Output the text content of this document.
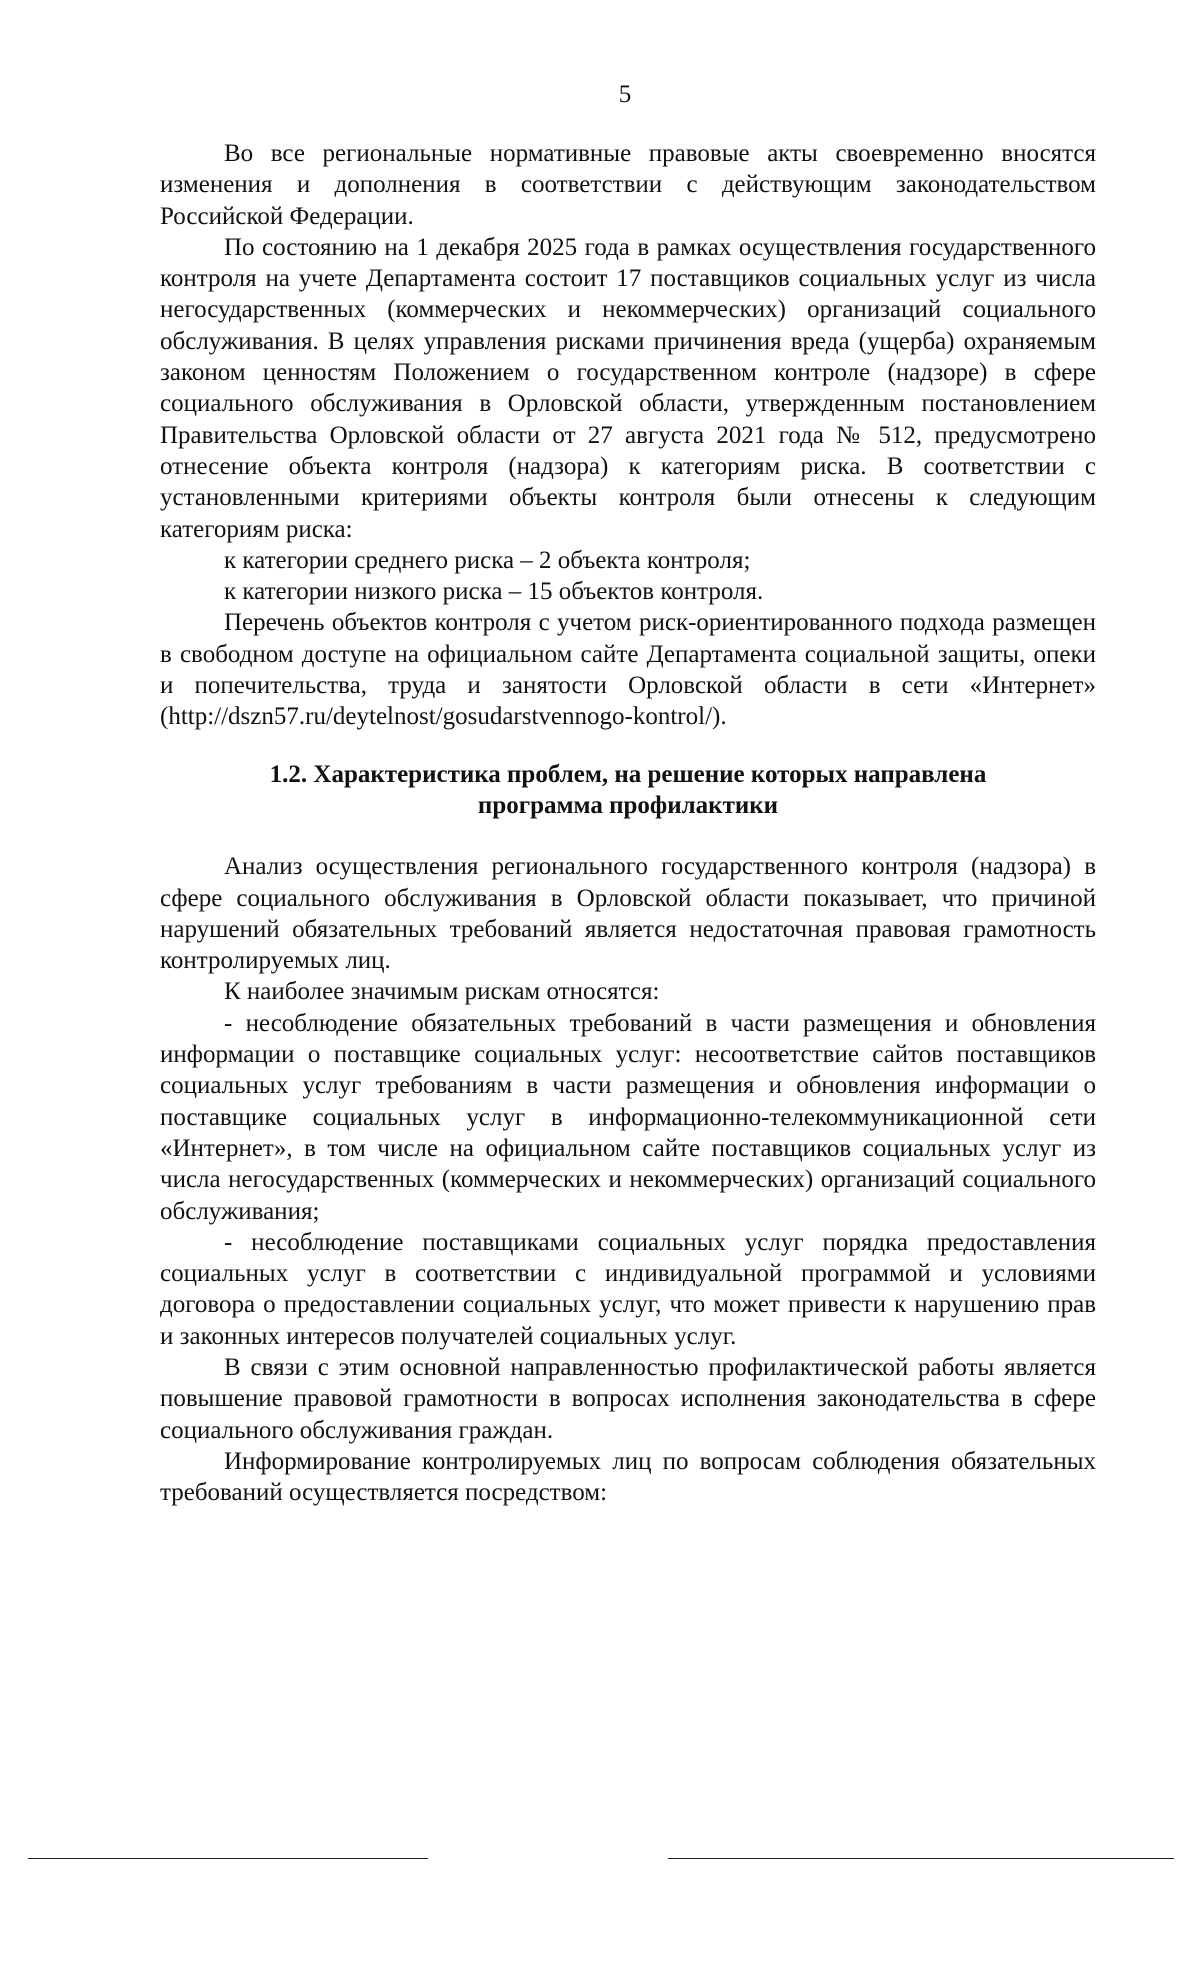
5

Во все региональные нормативные правовые акты своевременно вносятся изменения и дополнения в соответствии с действующим законодательством Российской Федерации.

По состоянию на 1 декабря 2025 года в рамках осуществления государственного контроля на учете Департамента состоит 17 поставщиков социальных услуг из числа негосударственных (коммерческих и некоммерческих) организаций социального обслуживания. В целях управления рисками причинения вреда (ущерба) охраняемым законом ценностям Положением о государственном контроле (надзоре) в сфере социального обслуживания в Орловской области, утвержденным постановлением Правительства Орловской области от 27 августа 2021 года № 512, предусмотрено отнесение объекта контроля (надзора) к категориям риска. В соответствии с установленными критериями объекты контроля были отнесены к следующим категориям риска:

к категории среднего риска – 2 объекта контроля;

к категории низкого риска – 15 объектов контроля.

Перечень объектов контроля с учетом риск-ориентированного подхода размещен в свободном доступе на официальном сайте Департамента социальной защиты, опеки и попечительства, труда и занятости Орловской области в сети «Интернет» (http://dszn57.ru/deytelnost/gosudarstvennogo-kontrol/).

1.2. Характеристика проблем, на решение которых направлена
программа профилактики

Анализ осуществления регионального государственного контроля (надзора) в сфере социального обслуживания в Орловской области показывает, что причиной нарушений обязательных требований является недостаточная правовая грамотность контролируемых лиц.

К наиболее значимым рискам относятся:

- несоблюдение обязательных требований в части размещения и обновления информации о поставщике социальных услуг: несоответствие сайтов поставщиков социальных услуг требованиям в части размещения и обновления информации о поставщике социальных услуг в информационно-телекоммуникационной сети «Интернет», в том числе на официальном сайте поставщиков социальных услуг из числа негосударственных (коммерческих и некоммерческих) организаций социального обслуживания;

- несоблюдение поставщиками социальных услуг порядка предоставления социальных услуг в соответствии с индивидуальной программой и условиями договора о предоставлении социальных услуг, что может привести к нарушению прав и законных интересов получателей социальных услуг.

В связи с этим основной направленностью профилактической работы является повышение правовой грамотности в вопросах исполнения законодательства в сфере социального обслуживания граждан.

Информирование контролируемых лиц по вопросам соблюдения обязательных требований осуществляется посредством:
